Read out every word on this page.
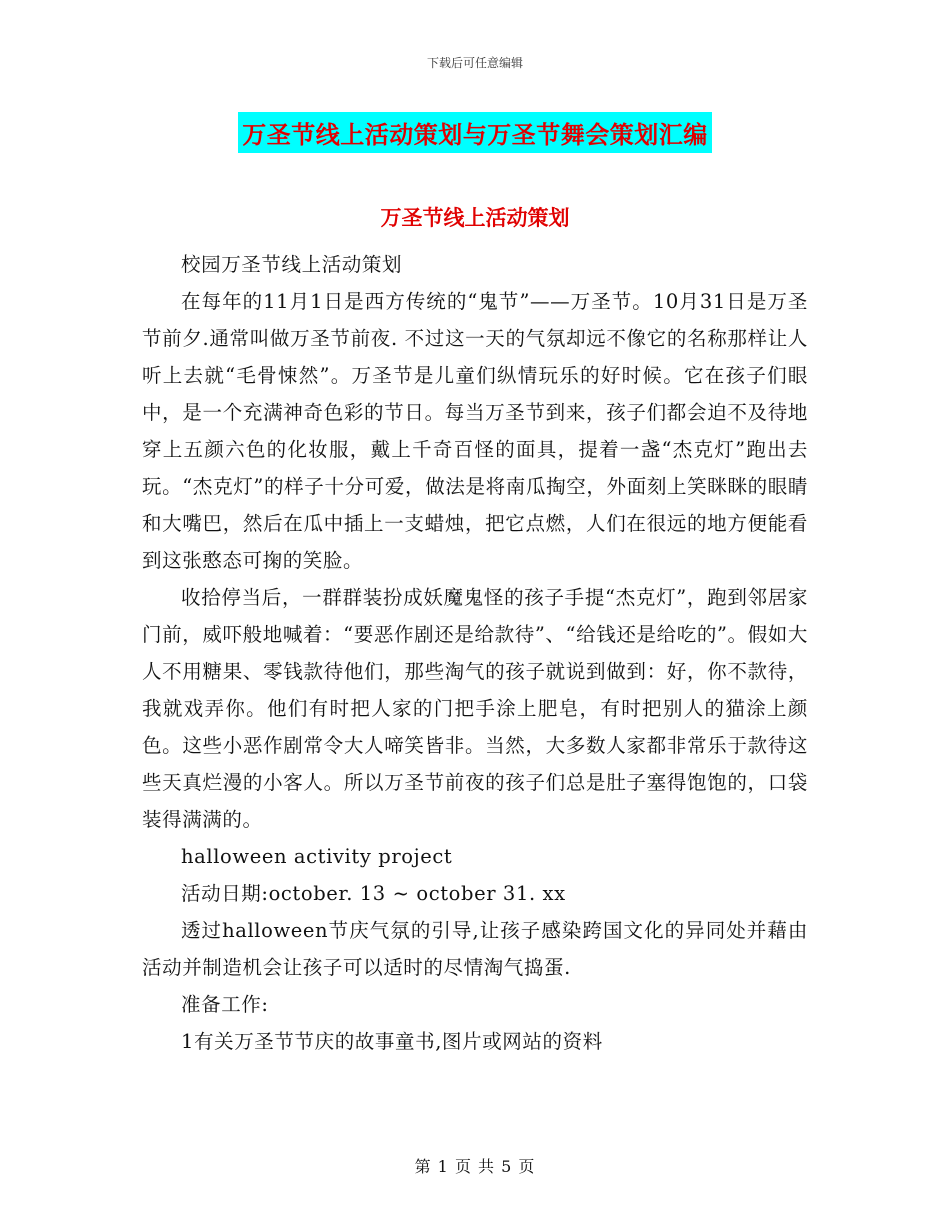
下载后可任意编辑
万圣节线上活动策划与万圣节舞会策划汇编
万圣节线上活动策划

校园万圣节线上活动策划

在每年的11月1日是西方传统的“鬼节”——万圣节。10月31日是万圣节前夕.通常叫做万圣节前夜. 不过这一天的气氛却远不像它的名称那样让人听上去就“毛骨悚然”。万圣节是儿童们纵情玩乐的好时候。它在孩子们眼中，是一个充满神奇色彩的节日。每当万圣节到来，孩子们都会迫不及待地穿上五颜六色的化妆服，戴上千奇百怪的面具，提着一盏“杰克灯”跑出去玩。“杰克灯”的样子十分可爱，做法是将南瓜掏空，外面刻上笑眯眯的眼睛和大嘴巴，然后在瓜中插上一支蜡烛，把它点燃，人们在很远的地方便能看到这张憨态可掬的笑脸。

收拾停当后，一群群装扮成妖魔鬼怪的孩子手提“杰克灯”，跑到邻居家门前，威吓般地喊着：“要恶作剧还是给款待”、“给钱还是给吃的”。假如大人不用糖果、零钱款待他们，那些淘气的孩子就说到做到：好，你不款待，我就戏弄你。他们有时把人家的门把手涂上肥皂，有时把别人的猫涂上颜色。这些小恶作剧常令大人啼笑皆非。当然，大多数人家都非常乐于款待这些天真烂漫的小客人。所以万圣节前夜的孩子们总是肚子塞得饱饱的，口袋装得满满的。

halloween activity project

活动日期:october. 13 ~ october 31. xx

透过halloween节庆气氛的引导,让孩子感染跨国文化的异同处并藉由活动并制造机会让孩子可以适时的尽情淘气捣蛋.

准备工作:

1有关万圣节节庆的故事童书,图片或网站的资料

第 1 页 共 5 页
